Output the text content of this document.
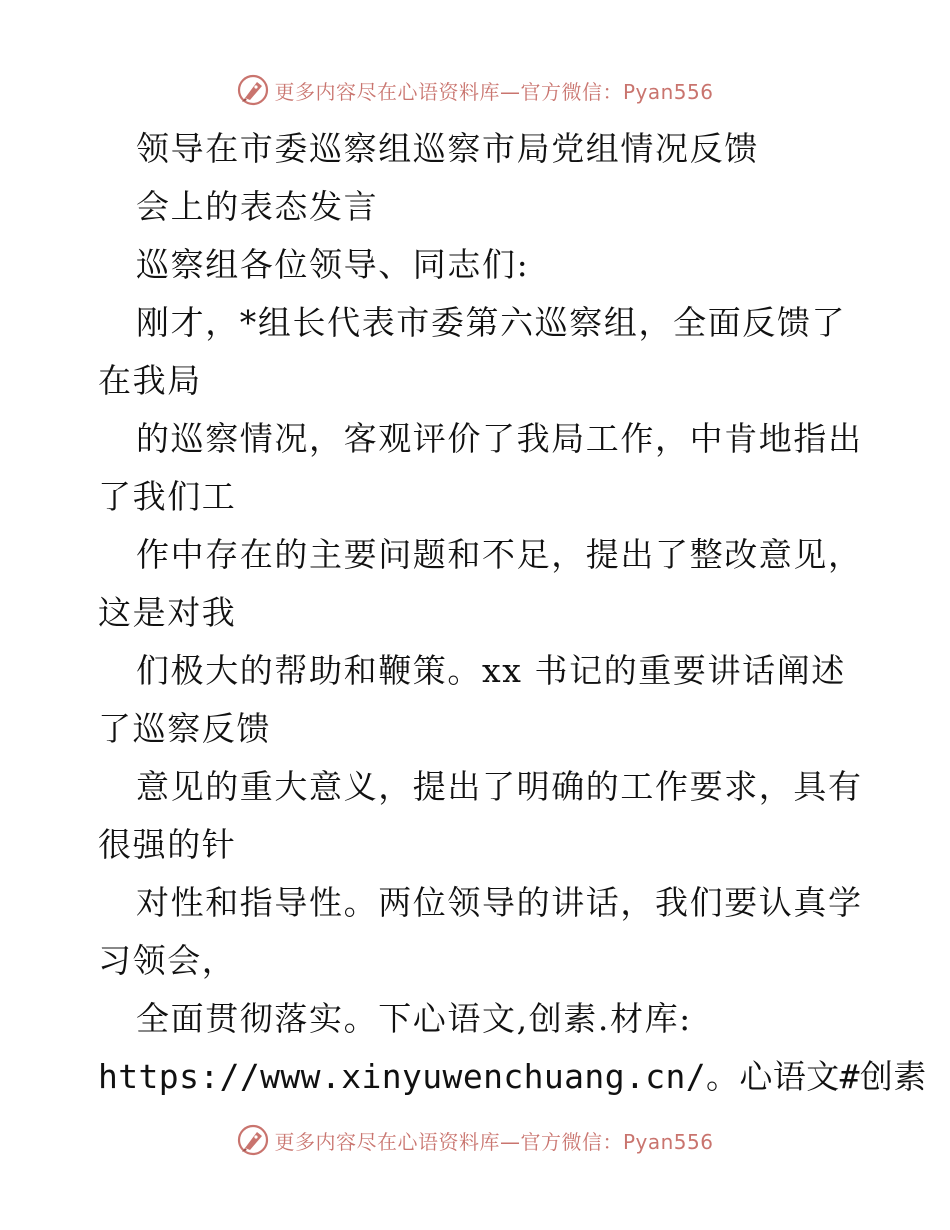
更多内容尽在心语资料库—官方微信：Pyan556
领导在市委巡察组巡察市局党组情况反馈
会上的表态发言
巡察组各位领导、同志们:
刚才，*组长代表市委第六巡察组，全面反馈了
在我局
的巡察情况，客观评价了我局工作，中肯地指出
了我们工
作中存在的主要问题和不足，提出了整改意见，
这是对我
们极大的帮助和鞭策。xx 书记的重要讲话阐述
了巡察反馈
意见的重大意义，提出了明确的工作要求，具有
很强的针
对性和指导性。两位领导的讲话，我们要认真学
习领会，
全面贯彻落实。下心语文,创素.材库:
https://www.xinyuwenchuang.cn/。心语文#创素
更多内容尽在心语资料库—官方微信：Pyan556
